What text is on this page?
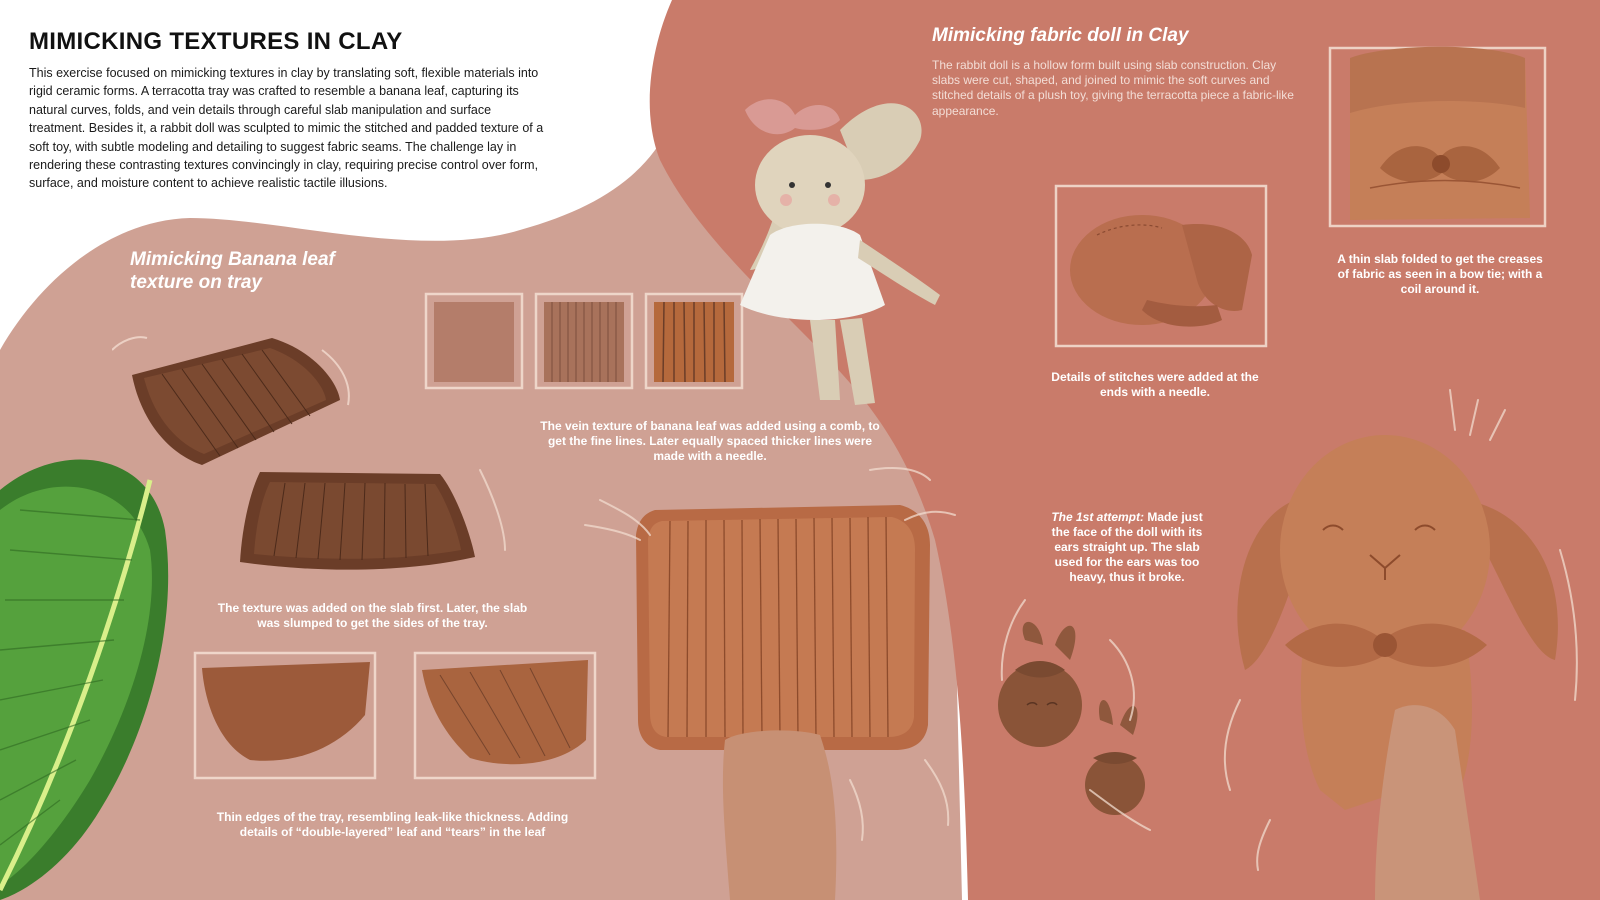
MIMICKING TEXTURES IN CLAY

This exercise focused on mimicking textures in clay by translating soft, flexible materials into rigid ceramic forms. A terracotta tray was crafted to resemble a banana leaf, capturing its natural curves, folds, and vein details through careful slab manipulation and surface treatment. Besides it, a rabbit doll was sculpted to mimic the stitched and padded texture of a soft toy, with subtle modeling and detailing to suggest fabric seams. The challenge lay in rendering these contrasting textures convincingly in clay, requiring precise control over form, surface, and moisture content to achieve realistic tactile illusions.

Mimicking Banana leaf texture on tray

The vein texture of banana leaf was added using a comb, to get the fine lines. Later equally spaced thicker lines were made with a needle.

The texture was added on the slab first. Later, the slab was slumped to get the sides of the tray.

Thin edges of the tray, resembling leak-like thickness. Adding details of “double-layered” leaf and “tears” in the leaf

Mimicking fabric doll in Clay

The rabbit doll is a hollow form built using slab construction. Clay slabs were cut, shaped, and joined to mimic the soft curves and stitched details of a plush toy, giving the terracotta piece a fabric-like appearance.

A thin slab folded to get the creases of fabric as seen in a bow tie; with a coil around it.

Details of stitches were added at the ends with a needle.

The 1st attempt: Made just the face of the doll with its ears straight up. The slab used for the ears was too heavy, thus it broke.
